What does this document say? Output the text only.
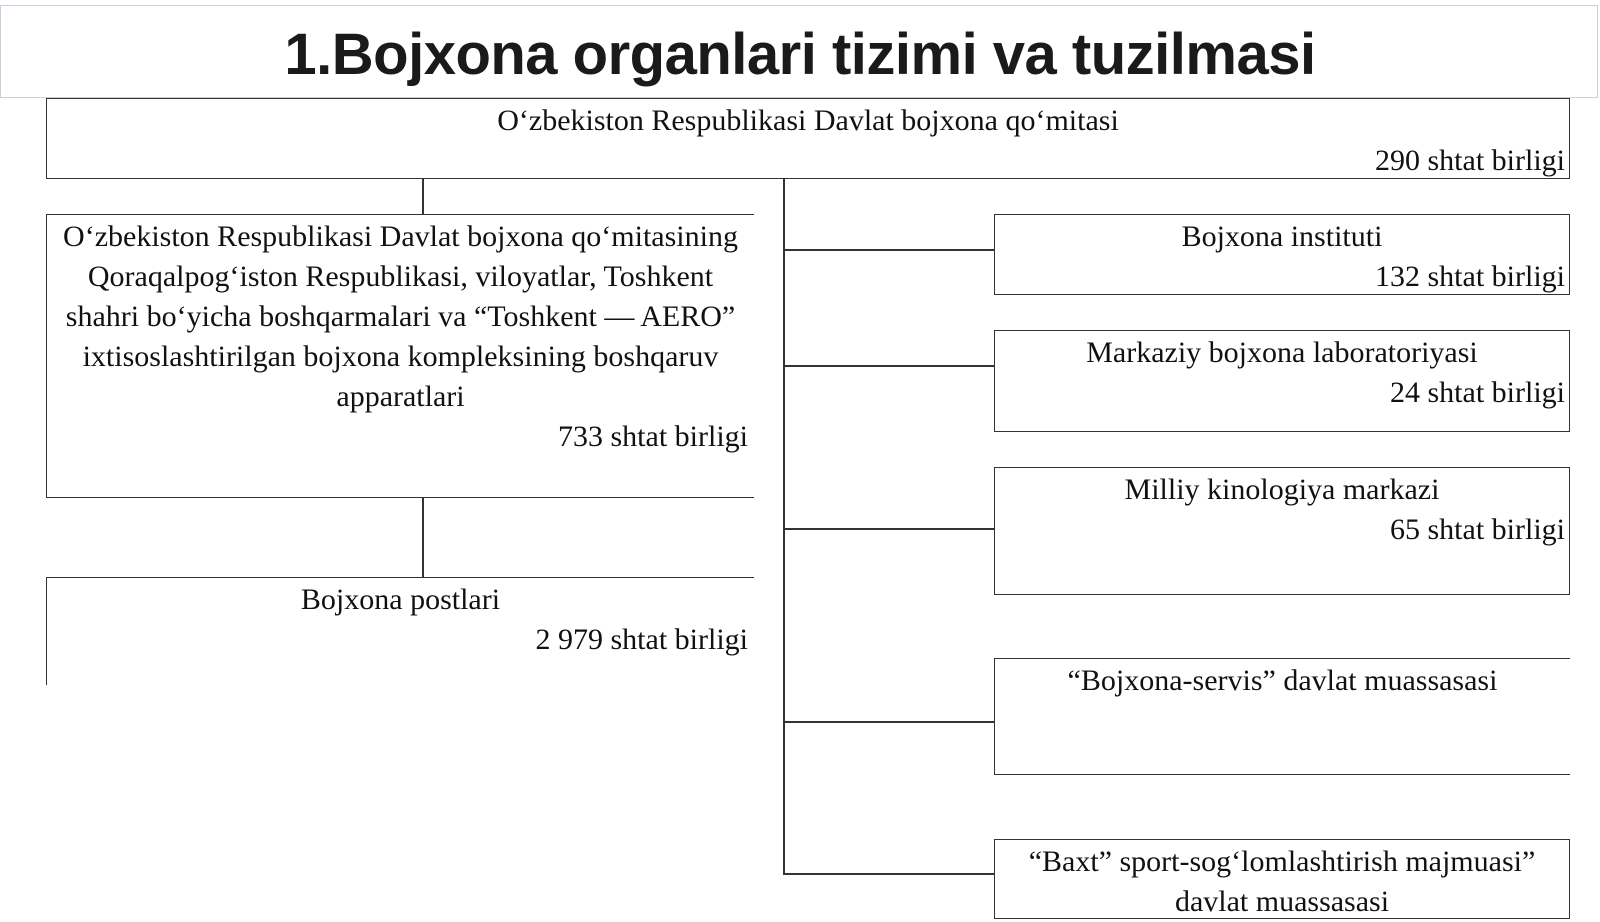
1.Bojxona organlari tizimi va tuzilmasi
O‘zbekiston Respublikasi Davlat bojxona qo‘mitasi
290 shtat birligi
O‘zbekiston Respublikasi Davlat bojxona qo‘mitasining Qoraqalpog‘iston Respublikasi, viloyatlar, Toshkent shahri bo‘yicha boshqarmalari va “Toshkent — AERO” ixtisoslashtirilgan bojxona kompleksining boshqaruv apparatlari
733 shtat birligi
Bojxona postlari
2 979 shtat birligi
Bojxona instituti
132 shtat birligi
Markaziy bojxona laboratoriyasi
24 shtat birligi
Milliy kinologiya markazi
65 shtat birligi
“Bojxona-servis” davlat muassasasi
“Baxt” sport-sog‘lomlashtirish majmuasi” davlat muassasasi
